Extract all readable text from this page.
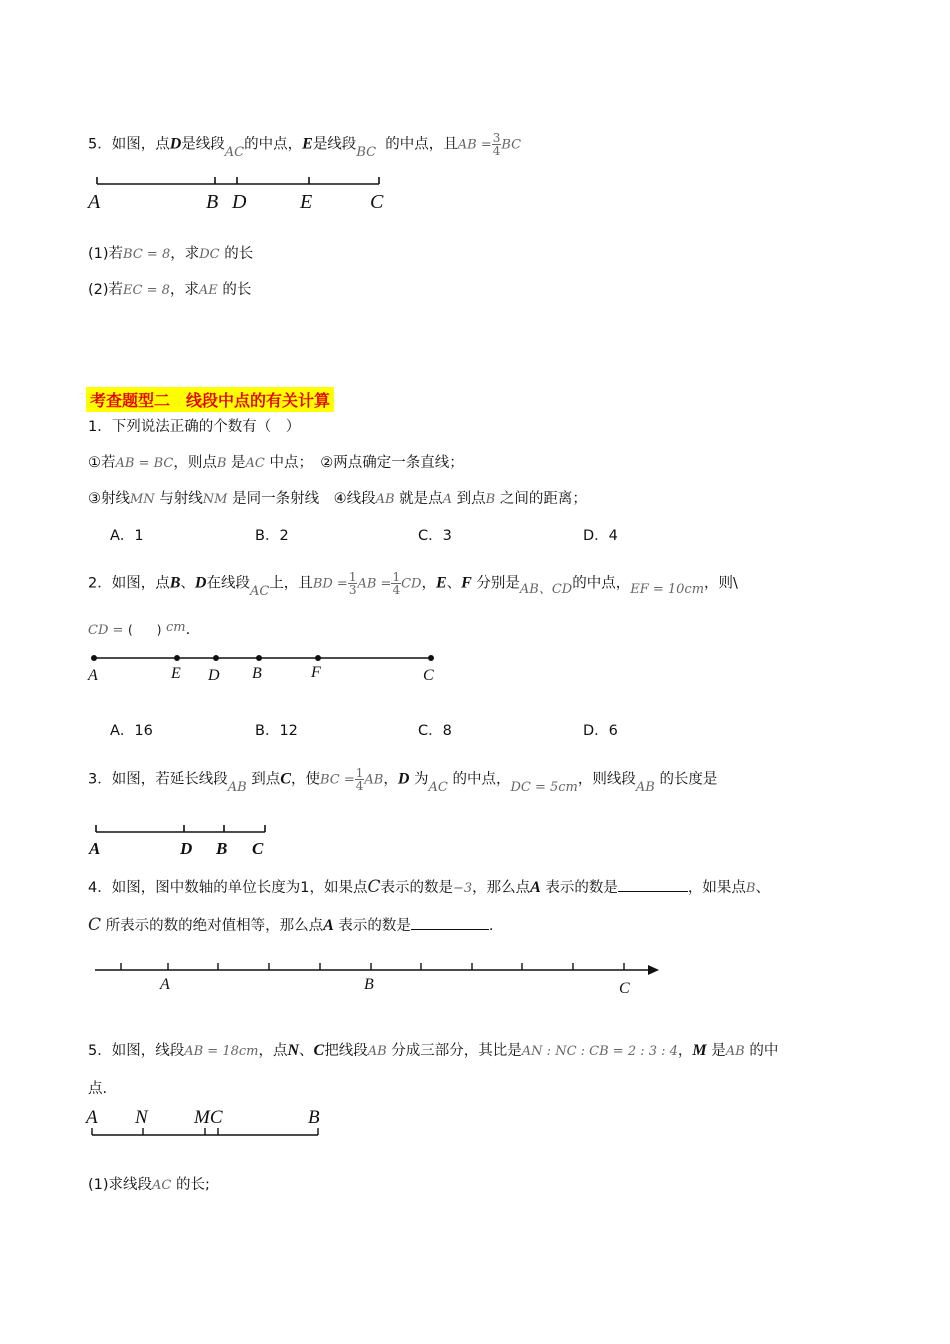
5．如图，点D是线段AC的中点，E是线段BC 的中点，且AB = $\frac{3}{4}$ BC
A	B D	E	C
A	E D B	F	C
A	D B C
A	B	C
A N MC	B
(1)若BC = 8，求DC 的长
(2)若EC = 8，求AE 的长
考查题型二　线段中点的有关计算
1．下列说法正确的个数有（　）
①若AB = BC，则点B 是AC 中点；　②两点确定一条直线；
③射线MN 与射线NM 是同一条射线　④线段AB 就是点A 到点B 之间的距离；
A．1	B．2	C．3	D．4
2．如图，点B、D在线段AC上，且BD = $\frac{1}{3}$ AB = $\frac{1}{4}$ CD，E、F 分别是AB、CD的中点，EF = 10cm，则\
CD = (　　) cm.
A．16	B．12	C．8	D．6
3．如图，若延长线段AB 到点C，使BC = $\frac{1}{4}$ AB，D 为AC 的中点，DC = 5cm，则线段AB 的长度是
4．如图，图中数轴的单位长度为1，如果点C表示的数是−3，那么点A 表示的数是	，如果点B、
C 所表示的数的绝对值相等，那么点A 表示的数是	.
5．如图，线段AB = 18cm，点N、C把线段AB 分成三部分，其比是AN : NC : CB = 2 : 3 : 4，M 是AB 的中
点.
(1)求线段AC 的长;
